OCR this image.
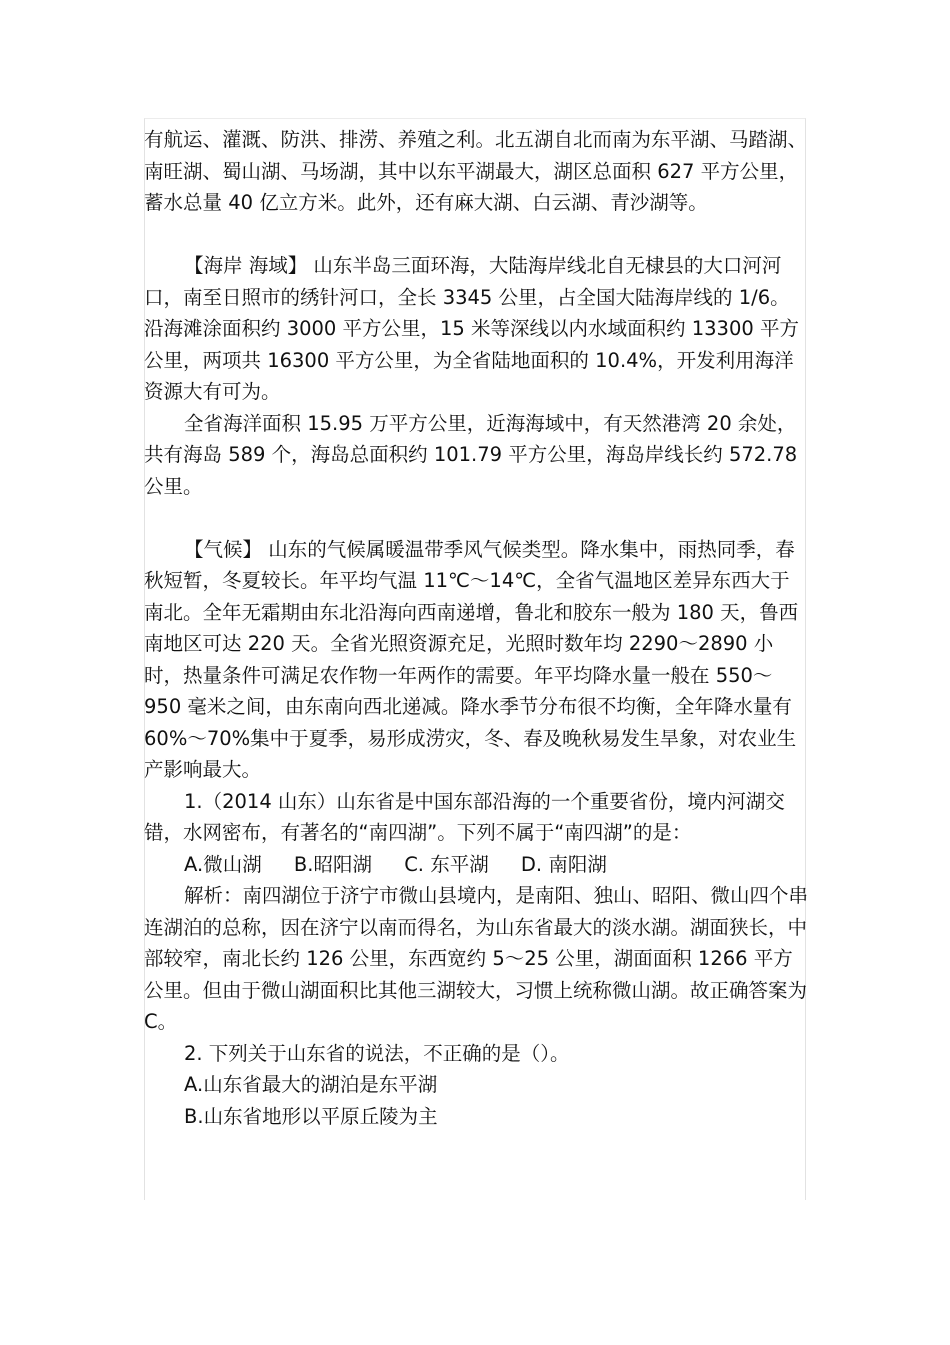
有航运、灌溉、防洪、排涝、养殖之利。北五湖自北而南为东平湖、马踏湖、南旺湖、蜀山湖、马场湖，其中以东平湖最大，湖区总面积 627 平方公里，蓄水总量 40 亿立方米。此外，还有麻大湖、白云湖、青沙湖等。

【海岸 海域】 山东半岛三面环海，大陆海岸线北自无棣县的大口河河口，南至日照市的绣针河口，全长 3345 公里，占全国大陆海岸线的 1/6。沿海滩涂面积约 3000 平方公里，15 米等深线以内水域面积约 13300 平方公里，两项共 16300 平方公里，为全省陆地面积的 10.4%，开发利用海洋资源大有可为。

全省海洋面积 15.95 万平方公里，近海海域中，有天然港湾 20 余处，共有海岛 589 个，海岛总面积约 101.79 平方公里，海岛岸线长约 572.78 公里。

【气候】 山东的气候属暖温带季风气候类型。降水集中，雨热同季，春秋短暂，冬夏较长。年平均气温 11℃～14℃，全省气温地区差异东西大于南北。全年无霜期由东北沿海向西南递增，鲁北和胶东一般为 180 天，鲁西南地区可达 220 天。全省光照资源充足，光照时数年均 2290～2890 小时，热量条件可满足农作物一年两作的需要。年平均降水量一般在 550～950 毫米之间，由东南向西北递减。降水季节分布很不均衡，全年降水量有 60%～70%集中于夏季，易形成涝灾，冬、春及晚秋易发生旱象，对农业生产影响最大。

1.（2014 山东）山东省是中国东部沿海的一个重要省份，境内河湖交错，水网密布，有著名的“南四湖”。下列不属于“南四湖”的是：

A.微山湖 B.昭阳湖 C. 东平湖 D. 南阳湖

解析：南四湖位于济宁市微山县境内，是南阳、独山、昭阳、微山四个串连湖泊的总称，因在济宁以南而得名，为山东省最大的淡水湖。湖面狭长，中部较窄，南北长约 126 公里，东西宽约 5～25 公里，湖面面积 1266 平方公里。但由于微山湖面积比其他三湖较大，习惯上统称微山湖。故正确答案为 C。

2. 下列关于山东省的说法，不正确的是（）。

A.山东省最大的湖泊是东平湖

B.山东省地形以平原丘陵为主
